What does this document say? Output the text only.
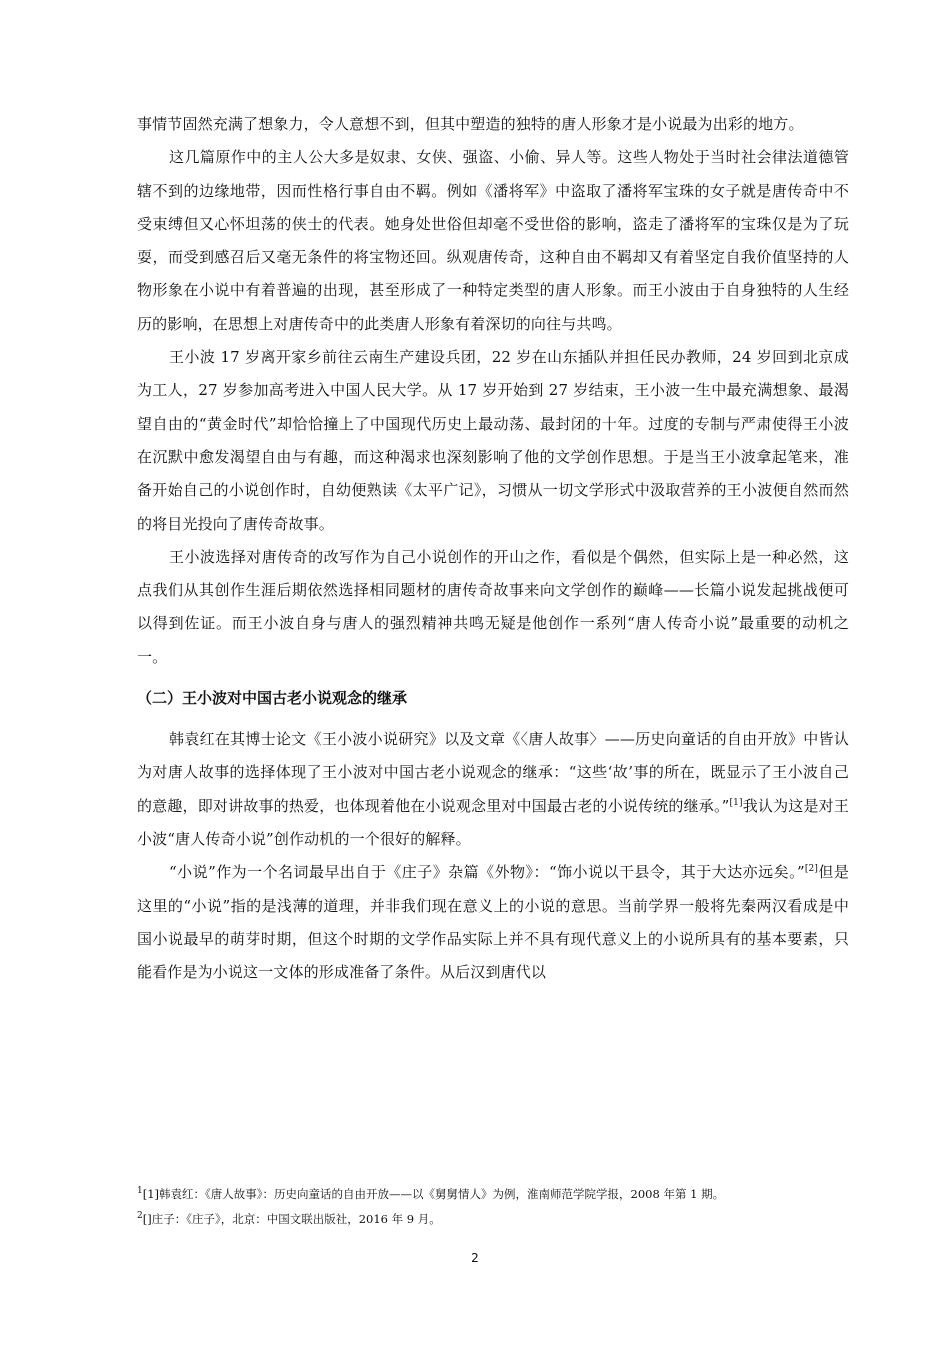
事情节固然充满了想象力，令人意想不到，但其中塑造的独特的唐人形象才是小说最为出彩的地方。

这几篇原作中的主人公大多是奴隶、女侠、强盗、小偷、异人等。这些人物处于当时社会律法道德管辖不到的边缘地带，因而性格行事自由不羁。例如《潘将军》中盗取了潘将军宝珠的女子就是唐传奇中不受束缚但又心怀坦荡的侠士的代表。她身处世俗但却毫不受世俗的影响，盗走了潘将军的宝珠仅是为了玩耍，而受到感召后又毫无条件的将宝物还回。纵观唐传奇，这种自由不羁却又有着坚定自我价值坚持的人物形象在小说中有着普遍的出现，甚至形成了一种特定类型的唐人形象。而王小波由于自身独特的人生经历的影响，在思想上对唐传奇中的此类唐人形象有着深切的向往与共鸣。

王小波 17 岁离开家乡前往云南生产建设兵团，22 岁在山东插队并担任民办教师，24 岁回到北京成为工人，27 岁参加高考进入中国人民大学。从 17 岁开始到 27 岁结束，王小波一生中最充满想象、最渴望自由的“黄金时代”却恰恰撞上了中国现代历史上最动荡、最封闭的十年。过度的专制与严肃使得王小波在沉默中愈发渴望自由与有趣，而这种渴求也深刻影响了他的文学创作思想。于是当王小波拿起笔来，准备开始自己的小说创作时，自幼便熟读《太平广记》，习惯从一切文学形式中汲取营养的王小波便自然而然的将目光投向了唐传奇故事。

王小波选择对唐传奇的改写作为自己小说创作的开山之作，看似是个偶然，但实际上是一种必然，这点我们从其创作生涯后期依然选择相同题材的唐传奇故事来向文学创作的巅峰——长篇小说发起挑战便可以得到佐证。而王小波自身与唐人的强烈精神共鸣无疑是他创作一系列“唐人传奇小说”最重要的动机之一。

（二）王小波对中国古老小说观念的继承

韩袁红在其博士论文《王小波小说研究》以及文章《〈唐人故事〉——历史向童话的自由开放》中皆认为对唐人故事的选择体现了王小波对中国古老小说观念的继承：“这些‘故’事的所在，既显示了王小波自己的意趣，即对讲故事的热爱，也体现着他在小说观念里对中国最古老的小说传统的继承。”[1]我认为这是对王小波“唐人传奇小说”创作动机的一个很好的解释。

“小说”作为一个名词最早出自于《庄子》杂篇《外物》：“饰小说以干县令，其于大达亦远矣。”[2]但是这里的“小说”指的是浅薄的道理，并非我们现在意义上的小说的意思。当前学界一般将先秦两汉看成是中国小说最早的萌芽时期，但这个时期的文学作品实际上并不具有现代意义上的小说所具有的基本要素，只能看作是为小说这一文体的形成准备了条件。从后汉到唐代以

$^1$[1]韩袁红：《唐人故事》：历史向童话的自由开放——以《舅舅情人》为例，淮南师范学院学报，2008 年第 1 期。

$^2$[]庄子：《庄子》，北京：中国文联出版社，2016 年 9 月。

2
